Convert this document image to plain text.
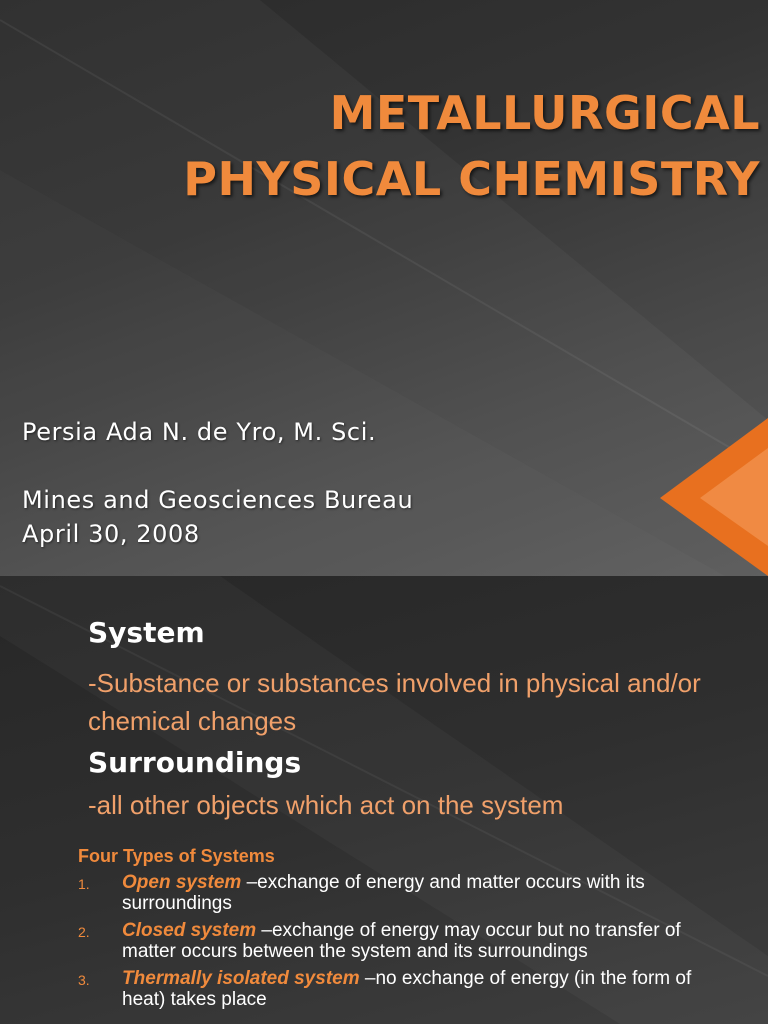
METALLURGICAL
PHYSICAL CHEMISTRY
Persia Ada N. de Yro, M. Sci.
Mines and Geosciences Bureau
April 30, 2008
System
-Substance or substances involved in physical and/or chemical changes
Surroundings
-all other objects which act on the system
Four Types of Systems
1. Open system –exchange of energy and matter occurs with its surroundings
2. Closed system –exchange of energy may occur but no transfer of matter occurs between the system and its surroundings
3. Thermally isolated system –no exchange of energy (in the form of heat) takes place
